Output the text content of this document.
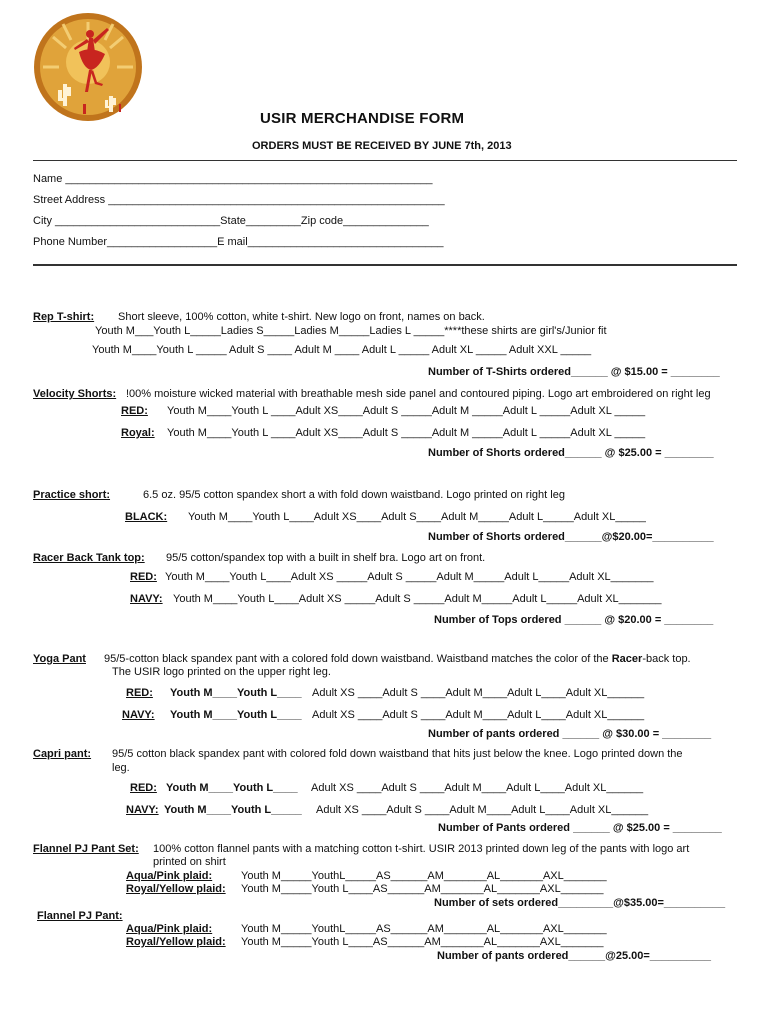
USIR MERCHANDISE FORM
ORDERS MUST BE RECEIVED BY JUNE 7th, 2013
Name ____________________________________________________________
Street Address _______________________________________________________
City ___________________________State_________Zip code______________
Phone Number__________________E mail________________________________
Rep T-shirt: Short sleeve, 100% cotton, white t-shirt. New logo on front, names on back.
Youth M___Youth L_____Ladies S_____Ladies M_____Ladies L _____****these shirts are girl's/Junior fit
Youth M____Youth L _____ Adult S ____ Adult M ____ Adult L _____ Adult XL _____ Adult XXL _____
Number of T-Shirts ordered______ @ $15.00 = ________
Velocity Shorts: !00% moisture wicked material with breathable mesh side panel and contoured piping. Logo art embroidered on right leg
RED: Youth M____Youth L ____Adult XS____Adult S _____Adult M _____Adult L _____Adult XL _____
Royal: Youth M____Youth L ____Adult XS____Adult S _____Adult M _____Adult L _____Adult XL _____
Number of Shorts ordered______ @ $25.00 = ________
Practice short:	6.5 oz. 95/5 cotton spandex short a with fold down waistband. Logo printed on right leg
BLACK: Youth M____Youth L____Adult XS____Adult S____Adult M_____Adult L_____Adult XL_____
Number of Shorts ordered______@$20.00=__________
Racer Back Tank top: 95/5 cotton/spandex top with a built in shelf bra. Logo art on front.
RED: Youth M____Youth L____Adult XS _____Adult S _____Adult M_____Adult L_____Adult XL_______
NAVY: Youth M____Youth L____Adult XS _____Adult S _____Adult M_____Adult L_____Adult XL_______
Number of Tops ordered ______ @ $20.00 = ________
Yoga Pant 95/5-cotton black spandex pant with a colored fold down waistband. Waistband matches the color of the Racer-back top.
The USIR logo printed on the upper right leg.
RED: Youth M____Youth L____ Adult XS ____Adult S ____Adult M____Adult L____Adult XL______
NAVY: Youth M____Youth L____ Adult XS ____Adult S ____Adult M____Adult L____Adult XL______
Number of pants ordered ______ @ $30.00 = ________
Capri pant: 95/5 cotton black spandex pant with colored fold down waistband that hits just below the knee. Logo printed down the
leg.
RED: Youth M____Youth L____ Adult XS ____Adult S ____Adult M____Adult L____Adult XL______
NAVY: Youth M____Youth L_____ Adult XS ____Adult S ____Adult M____Adult L____Adult XL______
Number of Pants ordered ______ @ $25.00 = ________
Flannel PJ Pant Set: 100% cotton flannel pants with a matching cotton t-shirt. USIR 2013 printed down leg of the pants with logo art
printed on shirt
Aqua/Pink plaid:	Youth M_____YouthL_____AS______AM_______AL_______AXL_______
Royal/Yellow plaid: Youth M_____Youth L____AS______AM_______AL_______AXL_______
Number of sets ordered_________@$35.00=__________
Flannel PJ Pant:
Aqua/Pink plaid:	Youth M_____YouthL_____AS______AM_______AL_______AXL_______
Royal/Yellow plaid: Youth M_____Youth L____AS______AM_______AL_______AXL_______
Number of pants ordered______@25.00=__________
